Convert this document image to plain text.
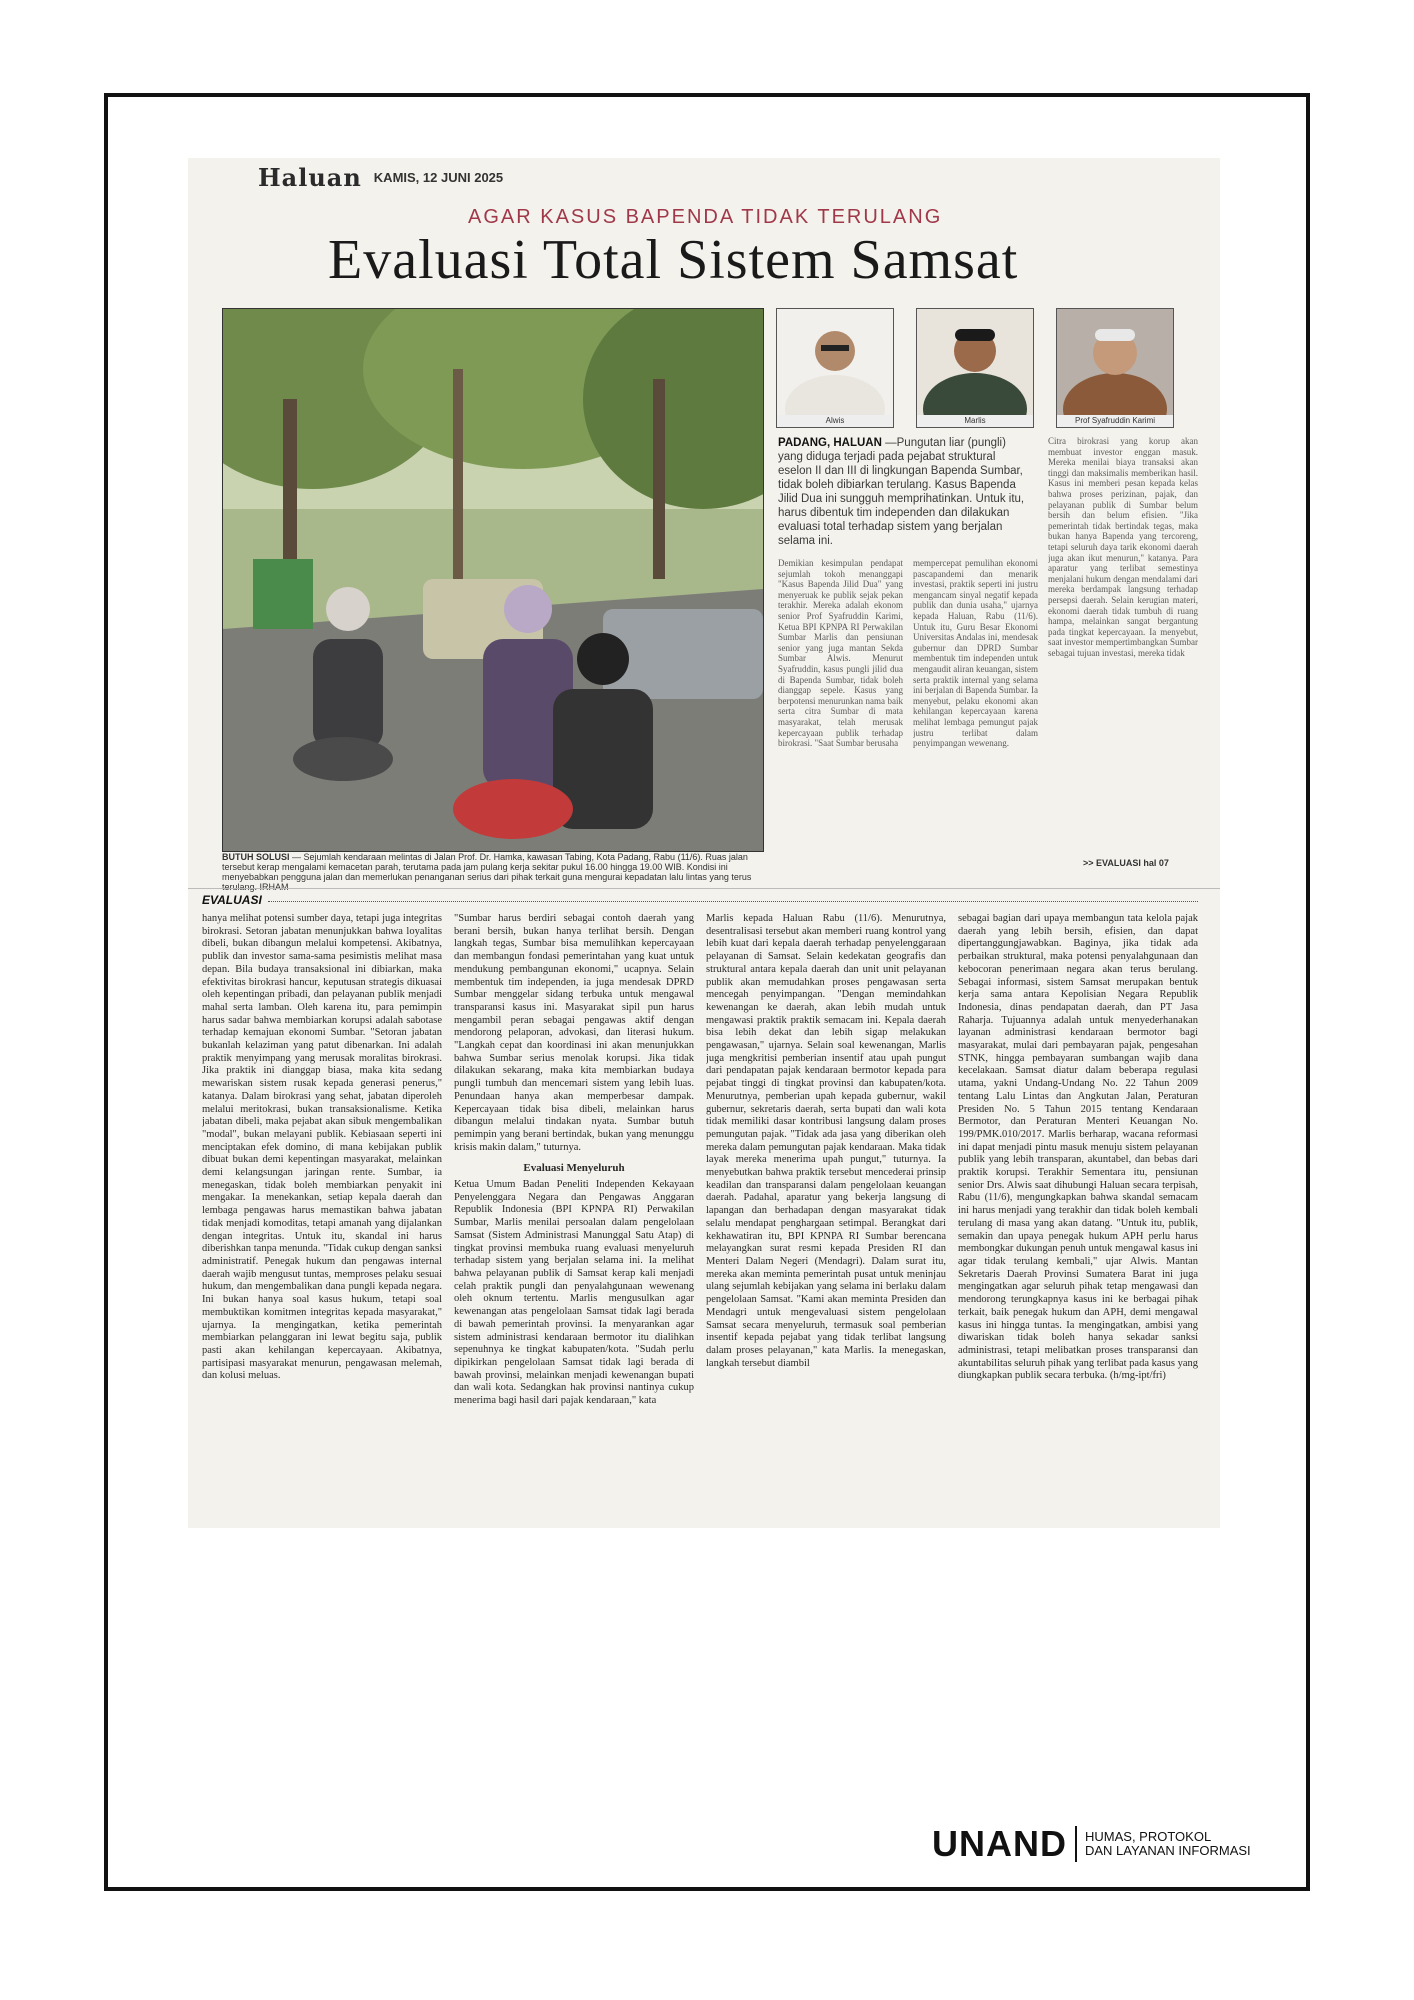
Haluan KAMIS, 12 JUNI 2025
AGAR KASUS BAPENDA TIDAK TERULANG
Evaluasi Total Sistem Samsat
BUTUH SOLUSI — Sejumlah kendaraan melintas di Jalan Prof. Dr. Hamka, kawasan Tabing, Kota Padang, Rabu (11/6). Ruas jalan tersebut kerap mengalami kemacetan parah, terutama pada jam pulang kerja sekitar pukul 16.00 hingga 19.00 WIB. Kondisi ini menyebabkan pengguna jalan dan memerlukan penanganan serius dari pihak terkait guna mengurai kepadatan lalu lintas yang terus terulang. IRHAM
Alwis	Marlis	Prof Syafruddin Karimi
PADANG, HALUAN —Pungutan liar (pungli) yang diduga terjadi pada pejabat struktural eselon II dan III di lingkungan Bapenda Sumbar, tidak boleh dibiarkan terulang. Kasus Bapenda Jilid Dua ini sungguh memprihatinkan. Untuk itu, harus dibentuk tim independen dan dilakukan evaluasi total terhadap sistem yang berjalan selama ini.
Demikian kesimpulan pendapat sejumlah tokoh menanggapi "Kasus Bapenda Jilid Dua" yang menyeruak ke publik sejak pekan terakhir. Mereka adalah ekonom senior Prof Syafruddin Karimi, Ketua BPI KPNPA RI Perwakilan Sumbar Marlis dan pensiunan senior yang juga mantan Sekda Sumbar Alwis. Menurut Syafruddin, kasus pungli jilid dua di Bapenda Sumbar, tidak boleh dianggap sepele. Kasus yang berpotensi menurunkan nama baik serta citra Sumbar di mata masyarakat, telah merusak kepercayaan publik terhadap birokrasi. "Saat Sumbar berusaha
mempercepat pemulihan ekonomi pascapandemi dan menarik investasi, praktik seperti ini justru mengancam sinyal negatif kepada publik dan dunia usaha," ujarnya kepada Haluan, Rabu (11/6). Untuk itu, Guru Besar Ekonomi Universitas Andalas ini, mendesak gubernur dan DPRD Sumbar membentuk tim independen untuk mengaudit aliran keuangan, sistem serta praktik internal yang selama ini berjalan di Bapenda Sumbar. Ia menyebut, pelaku ekonomi akan kehilangan kepercayaan karena melihat lembaga pemungut pajak justru terlibat dalam penyimpangan wewenang.
Citra birokrasi yang korup akan membuat investor enggan masuk. Mereka menilai biaya transaksi akan tinggi dan maksimalis memberikan hasil. Kasus ini memberi pesan kepada kelas bahwa proses perizinan, pajak, dan pelayanan publik di Sumbar belum bersih dan belum efisien. "Jika pemerintah tidak bertindak tegas, maka bukan hanya Bapenda yang tercoreng, tetapi seluruh daya tarik ekonomi daerah juga akan ikut menurun," katanya. Para aparatur yang terlibat semestinya menjalani hukum dengan mendalami dari mereka berdampak langsung terhadap persepsi daerah. Selain kerugian materi, ekonomi daerah tidak tumbuh di ruang hampa, melainkan sangat bergantung pada tingkat kepercayaan. Ia menyebut, saat investor mempertimbangkan Sumbar sebagai tujuan investasi, mereka tidak
>> EVALUASI hal 07
EVALUASI
hanya melihat potensi sumber daya, tetapi juga integritas birokrasi. Setoran jabatan menunjukkan bahwa loyalitas dibeli, bukan dibangun melalui kompetensi. Akibatnya, publik dan investor sama-sama pesimistis melihat masa depan. Bila budaya transaksional ini dibiarkan, maka efektivitas birokrasi hancur, keputusan strategis dikuasai oleh kepentingan pribadi, dan pelayanan publik menjadi mahal serta lamban. Oleh karena itu, para pemimpin harus sadar bahwa membiarkan korupsi adalah sabotase terhadap kemajuan ekonomi Sumbar. "Setoran jabatan bukanlah kelaziman yang patut dibenarkan. Ini adalah praktik menyimpang yang merusak moralitas birokrasi. Jika praktik ini dianggap biasa, maka kita sedang mewariskan sistem rusak kepada generasi penerus," katanya. Dalam birokrasi yang sehat, jabatan diperoleh melalui meritokrasi, bukan transaksionalisme. Ketika jabatan dibeli, maka pejabat akan sibuk mengembalikan "modal", bukan melayani publik. Kebiasaan seperti ini menciptakan efek domino, di mana kebijakan publik dibuat bukan demi kepentingan masyarakat, melainkan demi kelangsungan jaringan rente. Sumbar, ia menegaskan, tidak boleh membiarkan penyakit ini mengakar. Ia menekankan, setiap kepala daerah dan lembaga pengawas harus memastikan bahwa jabatan tidak menjadi komoditas, tetapi amanah yang dijalankan dengan integritas. Untuk itu, skandal ini harus diberishkan tanpa menunda. "Tidak cukup dengan sanksi administratif. Penegak hukum dan pengawas internal daerah wajib mengusut tuntas, memproses pelaku sesuai hukum, dan mengembalikan dana pungli kepada negara. Ini bukan hanya soal kasus hukum, tetapi soal membuktikan komitmen integritas kepada masyarakat," ujarnya. Ia mengingatkan, ketika pemerintah membiarkan pelanggaran ini lewat begitu saja, publik pasti akan kehilangan kepercayaan. Akibatnya, partisipasi masyarakat menurun, pengawasan melemah, dan kolusi meluas.
"Sumbar harus berdiri sebagai contoh daerah yang berani bersih, bukan hanya terlihat bersih. Dengan langkah tegas, Sumbar bisa memulihkan kepercayaan dan membangun fondasi pemerintahan yang kuat untuk mendukung pembangunan ekonomi," ucapnya. Selain membentuk tim independen, ia juga mendesak DPRD Sumbar menggelar sidang terbuka untuk mengawal transparansi kasus ini. Masyarakat sipil pun harus mengambil peran sebagai pengawas aktif dengan mendorong pelaporan, advokasi, dan literasi hukum. "Langkah cepat dan koordinasi ini akan menunjukkan bahwa Sumbar serius menolak korupsi. Jika tidak dilakukan sekarang, maka kita membiarkan budaya pungli tumbuh dan mencemari sistem yang lebih luas. Penundaan hanya akan memperbesar dampak. Kepercayaan tidak bisa dibeli, melainkan harus dibangun melalui tindakan nyata. Sumbar butuh pemimpin yang berani bertindak, bukan yang menunggu krisis makin dalam," tuturnya.
Evaluasi Menyeluruh
Ketua Umum Badan Peneliti Independen Kekayaan Penyelenggara Negara dan Pengawas Anggaran Republik Indonesia (BPI KPNPA RI) Perwakilan Sumbar, Marlis menilai persoalan dalam pengelolaan Samsat (Sistem Administrasi Manunggal Satu Atap) di tingkat provinsi membuka ruang evaluasi menyeluruh terhadap sistem yang berjalan selama ini. Ia melihat bahwa pelayanan publik di Samsat kerap kali menjadi celah praktik pungli dan penyalahgunaan wewenang oleh oknum tertentu. Marlis mengusulkan agar kewenangan atas pengelolaan Samsat tidak lagi berada di bawah pemerintah provinsi. Ia menyarankan agar sistem administrasi kendaraan bermotor itu dialihkan sepenuhnya ke tingkat kabupaten/kota. "Sudah perlu dipikirkan pengelolaan Samsat tidak lagi berada di bawah provinsi, melainkan menjadi kewenangan bupati dan wali kota. Sedangkan hak provinsi nantinya cukup menerima bagi hasil dari pajak kendaraan," kata
Marlis kepada Haluan Rabu (11/6). Menurutnya, desentralisasi tersebut akan memberi ruang kontrol yang lebih kuat dari kepala daerah terhadap penyelenggaraan pelayanan di Samsat. Selain kedekatan geografis dan struktural antara kepala daerah dan unit unit pelayanan publik akan memudahkan proses pengawasan serta mencegah penyimpangan. "Dengan memindahkan kewenangan ke daerah, akan lebih mudah untuk mengawasi praktik praktik semacam ini. Kepala daerah bisa lebih dekat dan lebih sigap melakukan pengawasan," ujarnya. Selain soal kewenangan, Marlis juga mengkritisi pemberian insentif atau upah pungut dari pendapatan pajak kendaraan bermotor kepada para pejabat tinggi di tingkat provinsi dan kabupaten/kota. Menurutnya, pemberian upah kepada gubernur, wakil gubernur, sekretaris daerah, serta bupati dan wali kota tidak memiliki dasar kontribusi langsung dalam proses pemungutan pajak. "Tidak ada jasa yang diberikan oleh mereka dalam pemungutan pajak kendaraan. Maka tidak layak mereka menerima upah pungut," tuturnya. Ia menyebutkan bahwa praktik tersebut mencederai prinsip keadilan dan transparansi dalam pengelolaan keuangan daerah. Padahal, aparatur yang bekerja langsung di lapangan dan berhadapan dengan masyarakat tidak selalu mendapat penghargaan setimpal. Berangkat dari kekhawatiran itu, BPI KPNPA RI Sumbar berencana melayangkan surat resmi kepada Presiden RI dan Menteri Dalam Negeri (Mendagri). Dalam surat itu, mereka akan meminta pemerintah pusat untuk meninjau ulang sejumlah kebijakan yang selama ini berlaku dalam pengelolaan Samsat. "Kami akan meminta Presiden dan Mendagri untuk mengevaluasi sistem pengelolaan Samsat secara menyeluruh, termasuk soal pemberian insentif kepada pejabat yang tidak terlibat langsung dalam proses pelayanan," kata Marlis. Ia menegaskan, langkah tersebut diambil
sebagai bagian dari upaya membangun tata kelola pajak daerah yang lebih bersih, efisien, dan dapat dipertanggungjawabkan. Baginya, jika tidak ada perbaikan struktural, maka potensi penyalahgunaan dan kebocoran penerimaan negara akan terus berulang. Sebagai informasi, sistem Samsat merupakan bentuk kerja sama antara Kepolisian Negara Republik Indonesia, dinas pendapatan daerah, dan PT Jasa Raharja. Tujuannya adalah untuk menyederhanakan layanan administrasi kendaraan bermotor bagi masyarakat, mulai dari pembayaran pajak, pengesahan STNK, hingga pembayaran sumbangan wajib dana kecelakaan. Samsat diatur dalam beberapa regulasi utama, yakni Undang-Undang No. 22 Tahun 2009 tentang Lalu Lintas dan Angkutan Jalan, Peraturan Presiden No. 5 Tahun 2015 tentang Kendaraan Bermotor, dan Peraturan Menteri Keuangan No. 199/PMK.010/2017. Marlis berharap, wacana reformasi ini dapat menjadi pintu masuk menuju sistem pelayanan publik yang lebih transparan, akuntabel, dan bebas dari praktik korupsi. Terakhir Sementara itu, pensiunan senior Drs. Alwis saat dihubungi Haluan secara terpisah, Rabu (11/6), mengungkapkan bahwa skandal semacam ini harus menjadi yang terakhir dan tidak boleh kembali terulang di masa yang akan datang. "Untuk itu, publik, semakin dan upaya penegak hukum APH perlu harus membongkar dukungan penuh untuk mengawal kasus ini agar tidak terulang kembali," ujar Alwis. Mantan Sekretaris Daerah Provinsi Sumatera Barat ini juga mengingatkan agar seluruh pihak tetap mengawasi dan mendorong terungkapnya kasus ini ke berbagai pihak terkait, baik penegak hukum dan APH, demi mengawal kasus ini hingga tuntas. Ia mengingatkan, ambisi yang diwariskan tidak boleh hanya sekadar sanksi administrasi, tetapi melibatkan proses transparansi dan akuntabilitas seluruh pihak yang terlibat pada kasus yang diungkapkan publik secara terbuka. (h/mg-ipt/fri)
UNAND HUMAS, PROTOKOL
DAN LAYANAN INFORMASI
